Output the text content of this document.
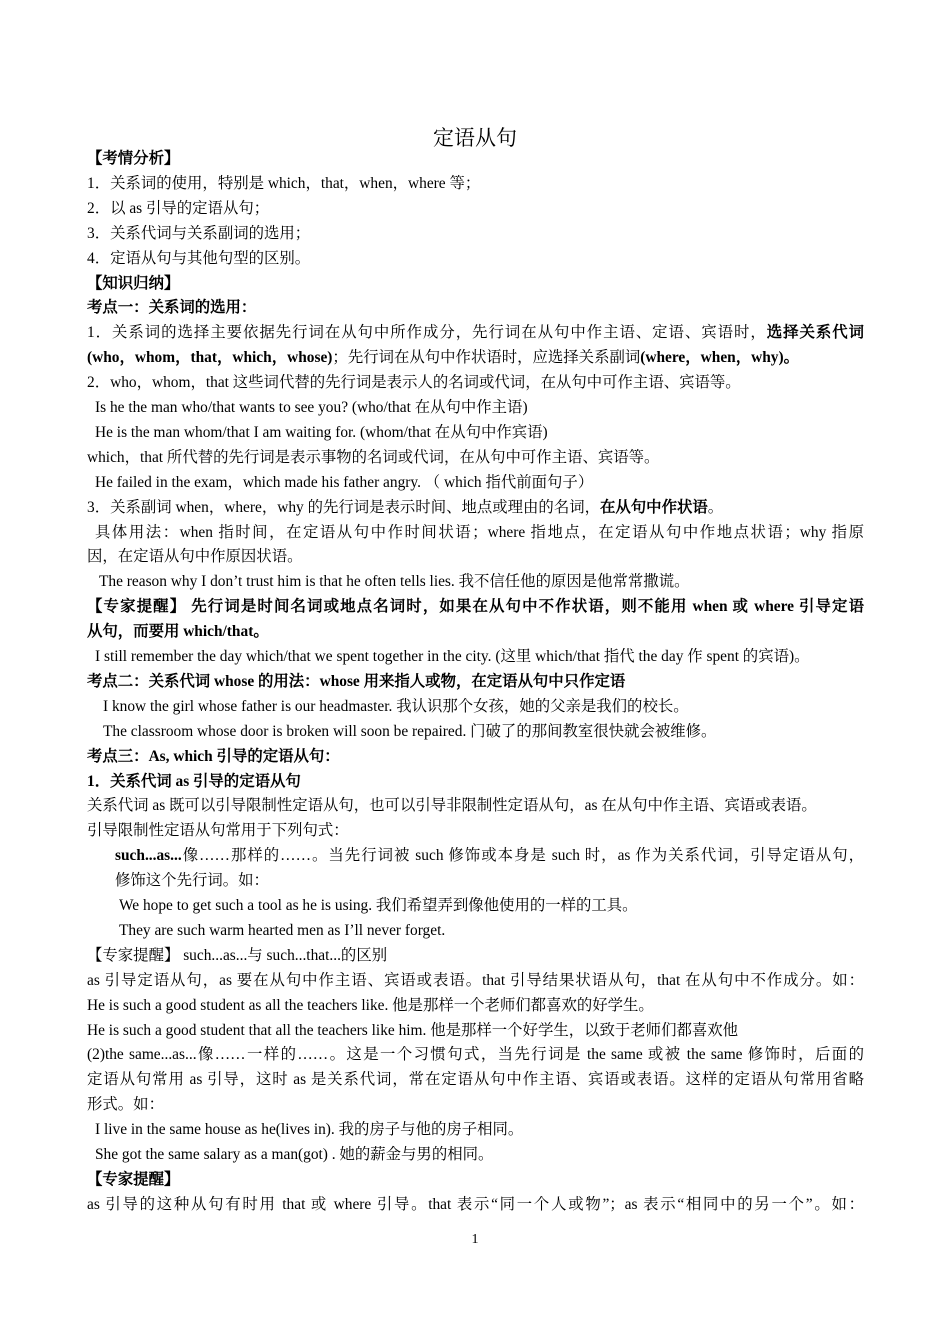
定语从句
【考情分析】
1．关系词的使用，特别是 which，that，when，where 等；
2．以 as 引导的定语从句；
3．关系代词与关系副词的选用；
4．定语从句与其他句型的区别。
【知识归纳】
考点一：关系词的选用：
1．关系词的选择主要依据先行词在从句中所作成分，先行词在从句中作主语、定语、宾语时，选择关系代词
(who，whom，that，which，whose)；先行词在从句中作状语时，应选择关系副词(where，when，why)。
2．who，whom，that 这些词代替的先行词是表示人的名词或代词，在从句中可作主语、宾语等。
Is he the man who/that wants to see you? (who/that 在从句中作主语)
He is the man whom/that I am waiting for. (whom/that 在从句中作宾语)
which，that 所代替的先行词是表示事物的名词或代词，在从句中可作主语、宾语等。
He failed in the exam，which made his father angry. （ which 指代前面句子）
3．关系副词 when，where，why 的先行词是表示时间、地点或理由的名词，在从句中作状语。
具体用法：when 指时间，在定语从句中作时间状语；where 指地点，在定语从句中作地点状语；why 指原
因，在定语从句中作原因状语。
The reason why I don’t trust him is that he often tells lies. 我不信任他的原因是他常常撒谎。
【专家提醒】 先行词是时间名词或地点名词时，如果在从句中不作状语，则不能用 when 或 where 引导定语
从句，而要用 which/that。
I still remember the day which/that we spent together in the city. (这里 which/that 指代 the day 作 spent 的宾语)。
考点二：关系代词 whose 的用法：whose 用来指人或物，在定语从句中只作定语
I know the girl whose father is our headmaster. 我认识那个女孩，她的父亲是我们的校长。
The classroom whose door is broken will soon be repaired. 门破了的那间教室很快就会被维修。
考点三：As, which 引导的定语从句：
1．关系代词 as 引导的定语从句
关系代词 as 既可以引导限制性定语从句，也可以引导非限制性定语从句，as 在从句中作主语、宾语或表语。
引导限制性定语从句常用于下列句式：
such...as...像……那样的……。当先行词被 such 修饰或本身是 such 时，as 作为关系代词，引导定语从句，
修饰这个先行词。如：
We hope to get such a tool as he is using. 我们希望弄到像他使用的一样的工具。
They are such warm hearted men as I’ll never forget.
【专家提醒】 such...as...与 such...that...的区别
as 引导定语从句，as 要在从句中作主语、宾语或表语。that 引导结果状语从句，that 在从句中不作成分。如：
He is such a good student as all the teachers like. 他是那样一个老师们都喜欢的好学生。
He is such a good student that all the teachers like him. 他是那样一个好学生，以致于老师们都喜欢他
(2)the same...as...像……一样的……。这是一个习惯句式，当先行词是 the same 或被 the same 修饰时，后面的
定语从句常用 as 引导，这时 as 是关系代词，常在定语从句中作主语、宾语或表语。这样的定语从句常用省略
形式。如：
I live in the same house as he(lives in). 我的房子与他的房子相同。
She got the same salary as a man(got) . 她的薪金与男的相同。
【专家提醒】
as 引导的这种从句有时用 that 或 where 引导。that 表示“同一个人或物”；as 表示“相同中的另一个”。如：
1
